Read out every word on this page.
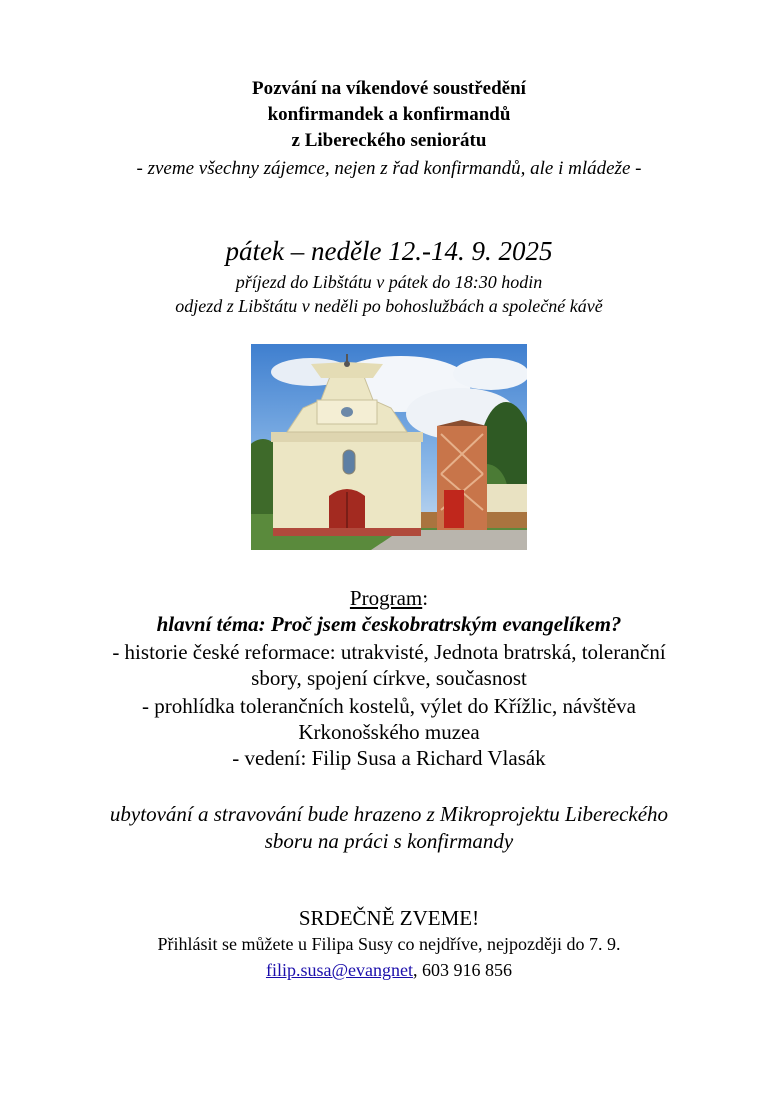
Pozvání na víkendové soustředění
konfirmandek a konfirmandů
z Libereckého seniorátu
- zveme všechny zájemce, nejen z řad konfirmandů, ale i mládeže -
pátek – neděle 12.-14. 9. 2025
příjezd do Libštátu v pátek do 18:30 hodin
odjezd z Libštátu v neděli po bohoslužbách a společné kávě
Program:
hlavní téma: Proč jsem českobratrským evangelíkem?
- historie české reformace: utrakvisté, Jednota bratrská, toleranční
sbory, spojení církve, současnost
- prohlídka tolerančních kostelů, výlet do Křížlic, návštěva
Krkonošského muzea
- vedení: Filip Susa a Richard Vlasák
ubytování a stravování bude hrazeno z Mikroprojektu Libereckého
sboru na práci s konfirmandy
SRDEČNĚ ZVEME!
Přihlásit se můžete u Filipa Susy co nejdříve, nejpozději do 7. 9.
filip.susa@evangnet, 603 916 856
